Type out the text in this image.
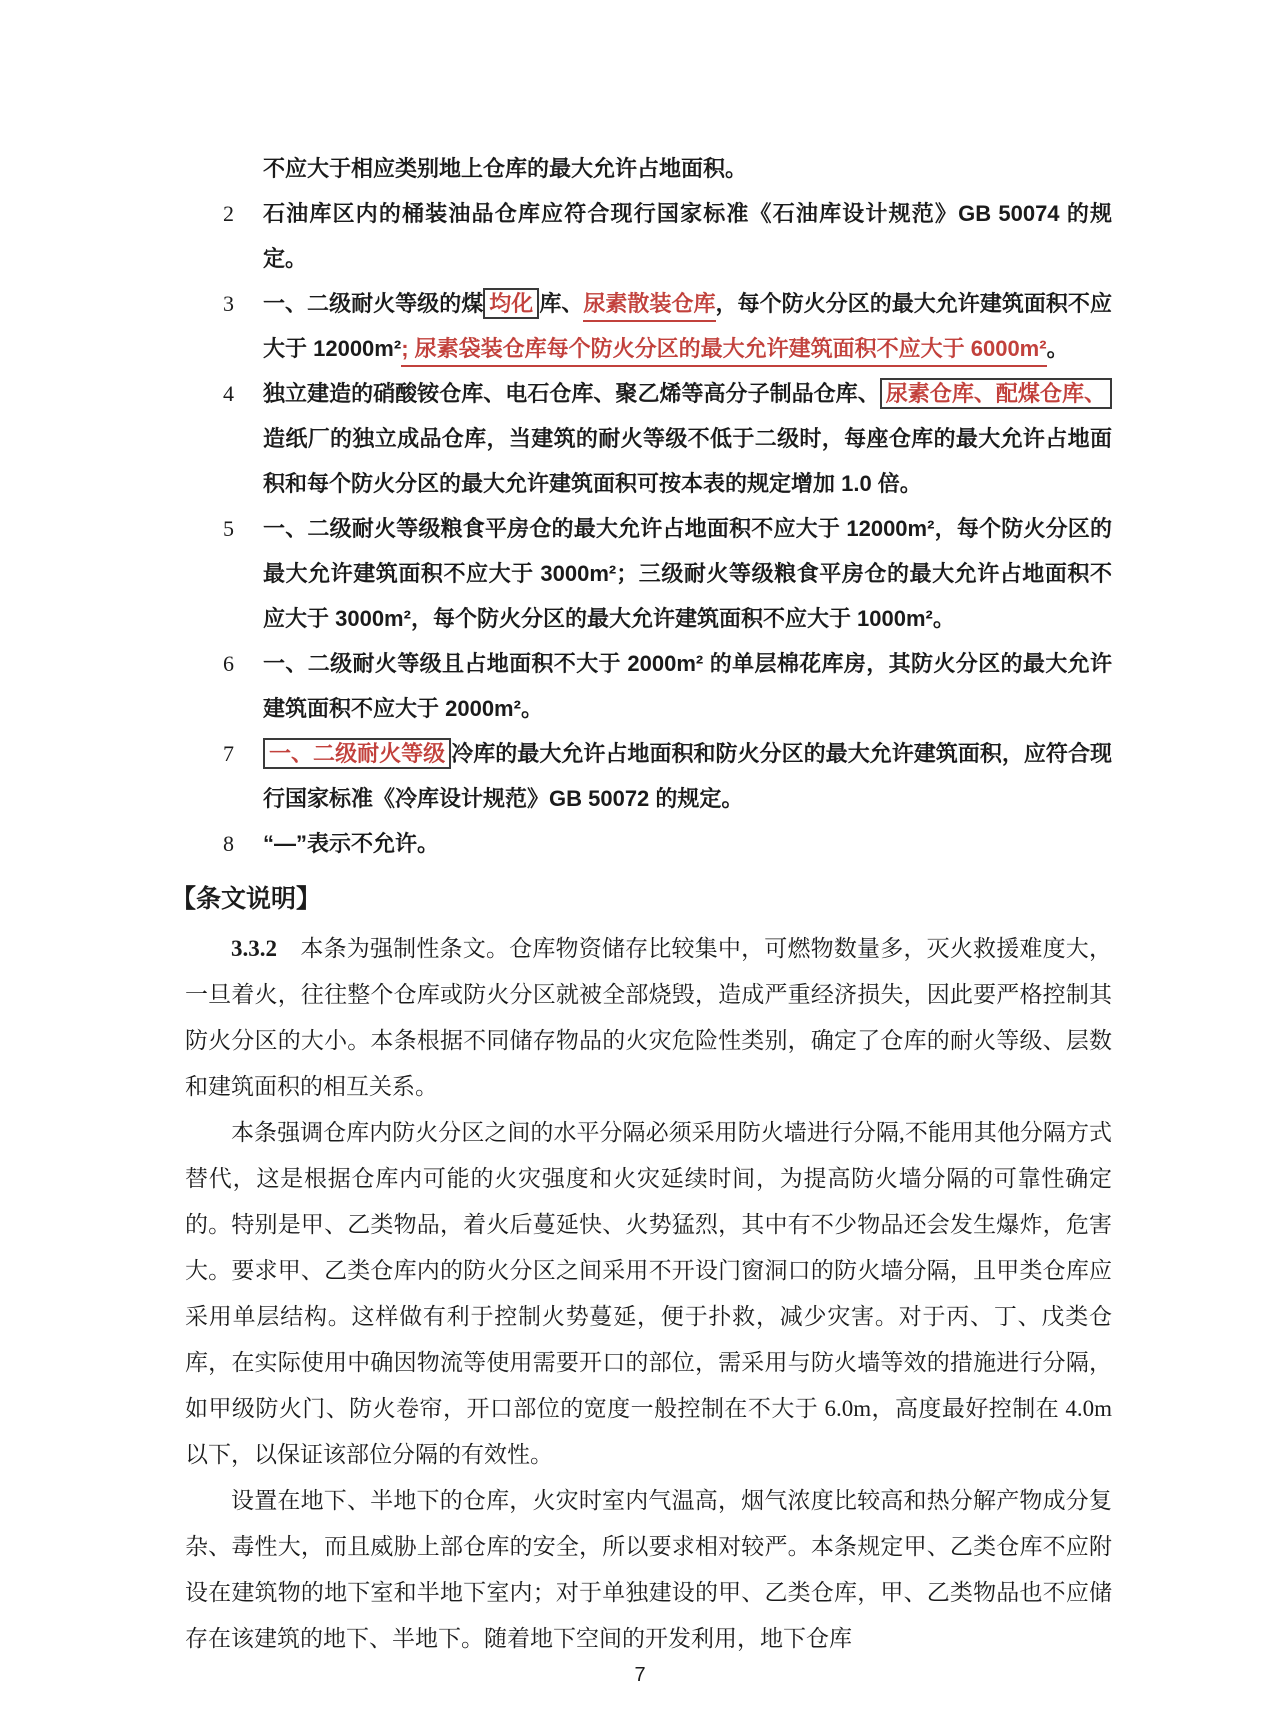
不应大于相应类别地上仓库的最大允许占地面积。
2 石油库区内的桶装油品仓库应符合现行国家标准《石油库设计规范》GB 50074 的规定。
3 一、二级耐火等级的煤 均化 库、尿素散装仓库，每个防火分区的最大允许建筑面积不应大于 12000m²; 尿素袋装仓库每个防火分区的最大允许建筑面积不应大于 6000m²。
4 独立建造的硝酸铵仓库、电石仓库、聚乙烯等高分子制品仓库、 尿素仓库、配煤仓库、造纸厂的独立成品仓库，当建筑的耐火等级不低于二级时，每座仓库的最大允许占地面积和每个防火分区的最大允许建筑面积可按本表的规定增加 1.0 倍。
5 一、二级耐火等级粮食平房仓的最大允许占地面积不应大于 12000m²，每个防火分区的最大允许建筑面积不应大于 3000m²；三级耐火等级粮食平房仓的最大允许占地面积不应大于 3000m²，每个防火分区的最大允许建筑面积不应大于 1000m²。
6 一、二级耐火等级且占地面积不大于 2000m² 的单层棉花库房，其防火分区的最大允许建筑面积不应大于 2000m²。
7 一、二级耐火等级 冷库的最大允许占地面积和防火分区的最大允许建筑面积，应符合现行国家标准《冷库设计规范》GB 50072 的规定。
8 “—”表示不允许。
【条文说明】

3.3.2　本条为强制性条文。仓库物资储存比较集中，可燃物数量多，灭火救援难度大，一旦着火，往往整个仓库或防火分区就被全部烧毁，造成严重经济损失，因此要严格控制其防火分区的大小。本条根据不同储存物品的火灾危险性类别，确定了仓库的耐火等级、层数和建筑面积的相互关系。

本条强调仓库内防火分区之间的水平分隔必须采用防火墙进行分隔,不能用其他分隔方式替代，这是根据仓库内可能的火灾强度和火灾延续时间，为提高防火墙分隔的可靠性确定的。特别是甲、乙类物品，着火后蔓延快、火势猛烈，其中有不少物品还会发生爆炸，危害大。要求甲、乙类仓库内的防火分区之间采用不开设门窗洞口的防火墙分隔，且甲类仓库应采用单层结构。这样做有利于控制火势蔓延，便于扑救，减少灾害。对于丙、丁、戊类仓库，在实际使用中确因物流等使用需要开口的部位，需采用与防火墙等效的措施进行分隔，如甲级防火门、防火卷帘，开口部位的宽度一般控制在不大于 6.0m，高度最好控制在 4.0m 以下，以保证该部位分隔的有效性。

设置在地下、半地下的仓库，火灾时室内气温高，烟气浓度比较高和热分解产物成分复杂、毒性大，而且威胁上部仓库的安全，所以要求相对较严。本条规定甲、乙类仓库不应附设在建筑物的地下室和半地下室内；对于单独建设的甲、乙类仓库，甲、乙类物品也不应储存在该建筑的地下、半地下。随着地下空间的开发利用，地下仓库

7
